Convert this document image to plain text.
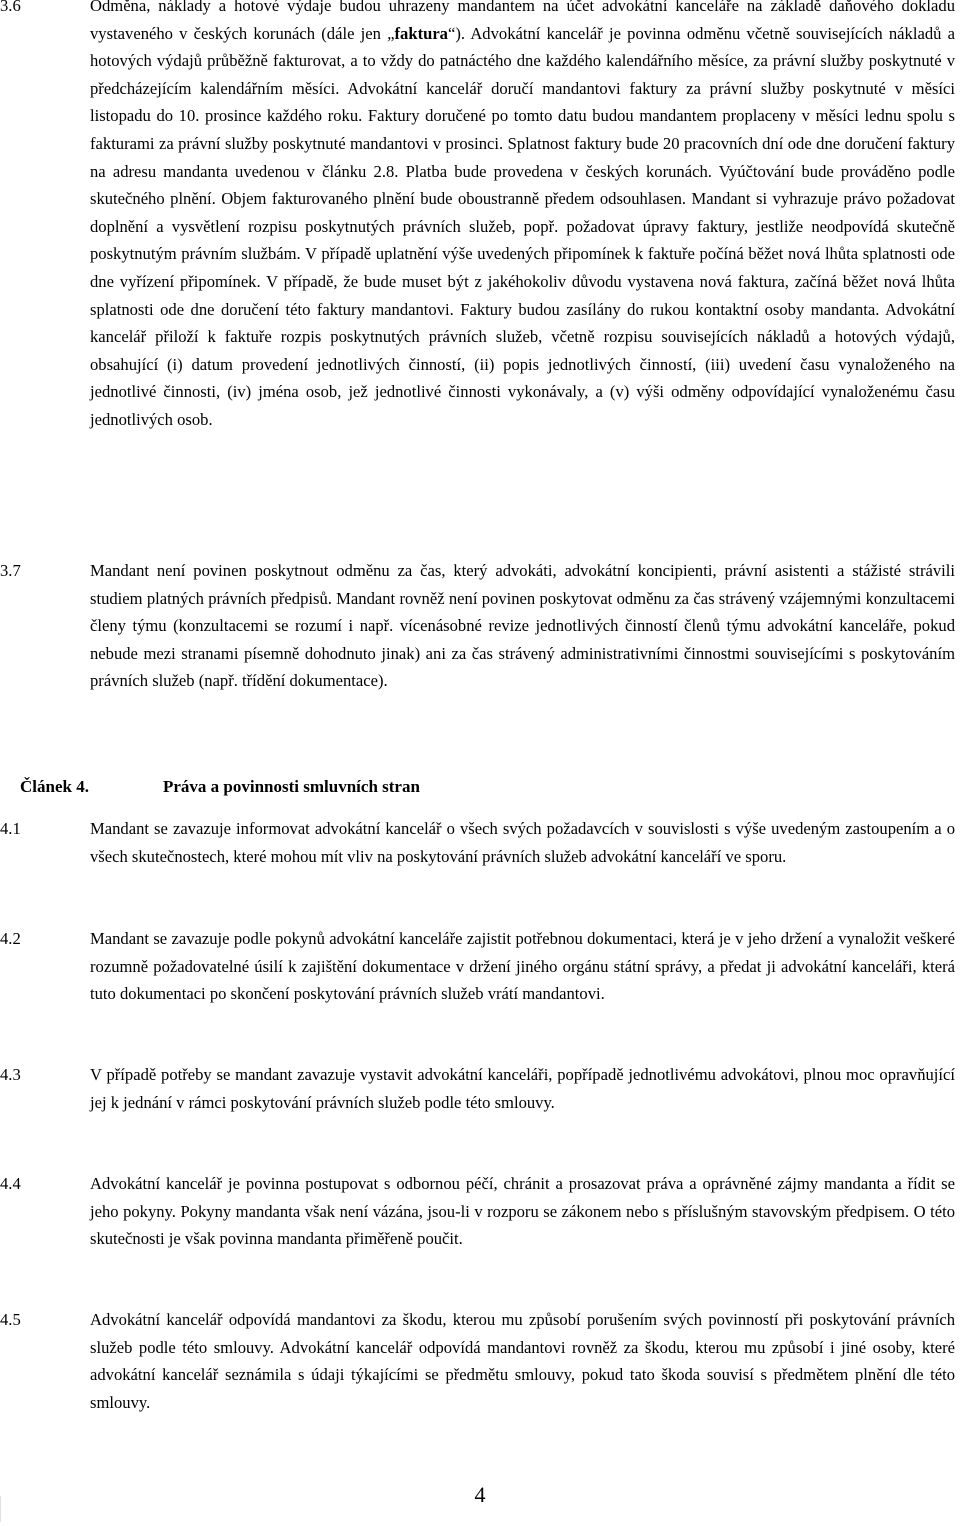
3.6	Odměna, náklady a hotové výdaje budou uhrazeny mandantem na účet advokátní kanceláře na základě daňového dokladu vystaveného v českých korunách (dále jen „faktura“). Advokátní kancelář je povinna odměnu včetně souvisejících nákladů a hotových výdajů průběžně fakturovat, a to vždy do patnáctého dne každého kalendářního měsíce, za právní služby poskytnuté v předcházejícím kalendářním měsíci. Advokátní kancelář doručí mandantovi faktury za právní služby poskytnuté v měsíci listopadu do 10. prosince každého roku. Faktury doručené po tomto datu budou mandantem proplaceny v měsíci lednu spolu s fakturami za právní služby poskytnuté mandantovi v prosinci. Splatnost faktury bude 20 pracovních dní ode dne doručení faktury na adresu mandanta uvedenou v článku 2.8. Platba bude provedena v českých korunách. Vyúčtování bude prováděno podle skutečného plnění. Objem fakturovaného plnění bude oboustranně předem odsouhlasen. Mandant si vyhrazuje právo požadovat doplnění a vysvětlení rozpisu poskytnutých právních služeb, popř. požadovat úpravy faktury, jestliže neodpovídá skutečně poskytnutým právním službám. V případě uplatnění výše uvedených připomínek k faktuře počíná běžet nová lhůta splatnosti ode dne vyřízení připomínek. V případě, že bude muset být z jakéhokoliv důvodu vystavena nová faktura, začíná běžet nová lhůta splatnosti ode dne doručení této faktury mandantovi. Faktury budou zasílány do rukou kontaktní osoby mandanta. Advokátní kancelář přiloží k faktuře rozpis poskytnutých právních služeb, včetně rozpisu souvisejících nákladů a hotových výdajů, obsahující (i) datum provedení jednotlivých činností, (ii) popis jednotlivých činností, (iii) uvedení času vynaloženého na jednotlivé činnosti, (iv) jména osob, jež jednotlivé činnosti vykonávaly, a (v) výši odměny odpovídající vynaloženému času jednotlivých osob.
3.7	Mandant není povinen poskytnout odměnu za čas, který advokáti, advokátní koncipienti, právní asistenti a stážisté strávili studiem platných právních předpisů. Mandant rovněž není povinen poskytovat odměnu za čas strávený vzájemnými konzultacemi členy týmu (konzultacemi se rozumí i např. vícenásobné revize jednotlivých činností členů týmu advokátní kanceláře, pokud nebude mezi stranami písemně dohodnuto jinak) ani za čas strávený administrativními činnostmi souvisejícími s poskytováním právních služeb (např. třídění dokumentace).
Článek 4.	Práva a povinnosti smluvních stran
4.1	Mandant se zavazuje informovat advokátní kancelář o všech svých požadavcích v souvislosti s výše uvedeným zastoupením a o všech skutečnostech, které mohou mít vliv na poskytování právních služeb advokátní kanceláří ve sporu.
4.2	Mandant se zavazuje podle pokynů advokátní kanceláře zajistit potřebnou dokumentaci, která je v jeho držení a vynaložit veškeré rozumně požadovatelné úsilí k zajištění dokumentace v držení jiného orgánu státní správy, a předat ji advokátní kanceláři, která tuto dokumentaci po skončení poskytování právních služeb vrátí mandantovi.
4.3	V případě potřeby se mandant zavazuje vystavit advokátní kanceláři, popřípadě jednotlivému advokátovi, plnou moc opravňující jej k jednání v rámci poskytování právních služeb podle této smlouvy.
4.4	Advokátní kancelář je povinna postupovat s odbornou péčí, chránit a prosazovat práva a oprávněné zájmy mandanta a řídit se jeho pokyny. Pokyny mandanta však není vázána, jsou-li v rozporu se zákonem nebo s příslušným stavovským předpisem. O této skutečnosti je však povinna mandanta přiměřeně poučit.
4.5	Advokátní kancelář odpovídá mandantovi za škodu, kterou mu způsobí porušením svých povinností při poskytování právních služeb podle této smlouvy. Advokátní kancelář odpovídá mandantovi rovněž za škodu, kterou mu způsobí i jiné osoby, které advokátní kancelář seznámila s údaji týkajícími se předmětu smlouvy, pokud tato škoda souvisí s předmětem plnění dle této smlouvy.
4
